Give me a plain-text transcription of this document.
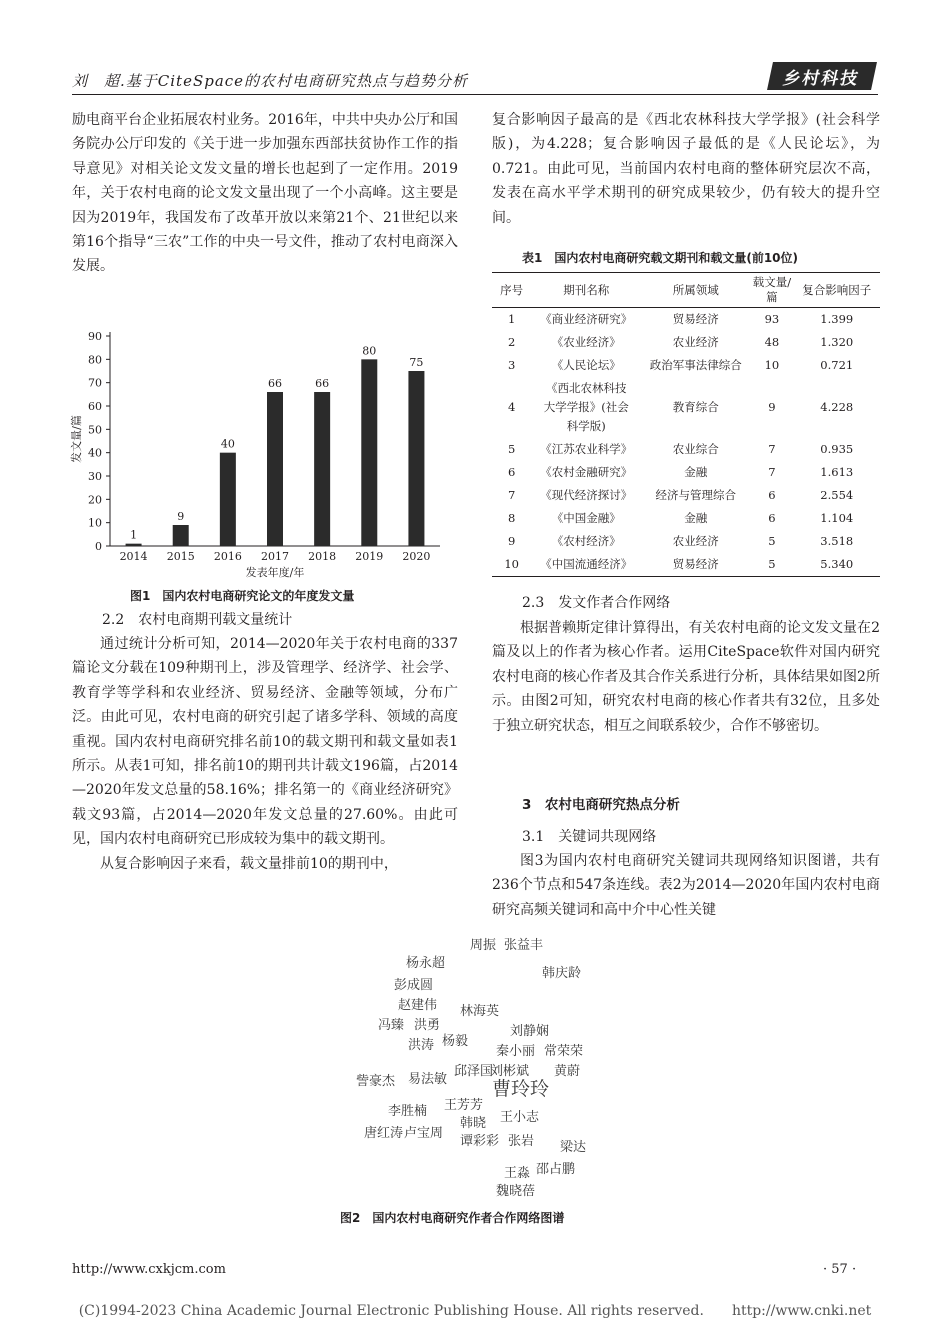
刘　超.基于CiteSpace的农村电商研究热点与趋势分析	乡村科技

励电商平台企业拓展农村业务。2016年，中共中央办公厅和国务院办公厅印发的《关于进一步加强东西部扶贫协作工作的指导意见》对相关论文发文量的增长也起到了一定作用。2019年，关于农村电商的论文发文量出现了一个小高峰。这主要是因为2019年，我国发布了改革开放以来第21个、21世纪以来第16个指导“三农”工作的中央一号文件，推动了农村电商深入发展。

0
10
20
30
40
50
60
70
80
90
1
2014
9
2015
40
2016
66
2017
66
2018
80
2019
75
2020
发表年度/年
发文量/篇
图1　国内农村电商研究论文的年度发文量
2.2　农村电商期刊载文量统计

通过统计分析可知，2014—2020年关于农村电商的337篇论文分载在109种期刊上，涉及管理学、经济学、社会学、教育学等学科和农业经济、贸易经济、金融等领域，分布广泛。由此可见，农村电商的研究引起了诸多学科、领域的高度重视。国内农村电商研究排名前10的载文期刊和载文量如表1所示。从表1可知，排名前10的期刊共计载文196篇，占2014—2020年发文总量的58.16%；排名第一的《商业经济研究》载文93篇，占2014—2020年发文总量的27.60%。由此可见，国内农村电商研究已形成较为集中的载文期刊。

从复合影响因子来看，载文量排前10的期刊中，

复合影响因子最高的是《西北农林科技大学学报》(社会科学版)，为4.228；复合影响因子最低的是《人民论坛》，为0.721。由此可见，当前国内农村电商的整体研究层次不高，发表在高水平学术期刊的研究成果较少，仍有较大的提升空间。

表1　国内农村电商研究载文期刊和载文量(前10位)
序号	期刊名称	所属领域	载文量/篇	复合影响因子
1	《商业经济研究》	贸易经济	93	1.399
2	《农业经济》	农业经济	48	1.320
3	《人民论坛》	政治军事法律综合	10	0.721
4	《西北农林科技大学学报》(社会科学版)	教育综合	9	4.228
5	《江苏农业科学》	农业综合	7	0.935
6	《农村金融研究》	金融	7	1.613
7	《现代经济探讨》	经济与管理综合	6	2.554
8	《中国金融》	金融	6	1.104
9	《农村经济》	农业经济	5	3.518
10	《中国流通经济》	贸易经济	5	5.340
2.3　发文作者合作网络

根据普赖斯定律计算得出，有关农村电商的论文发文量在2篇及以上的作者为核心作者。运用CiteSpace软件对国内研究农村电商的核心作者及其合作关系进行分析，具体结果如图2所示。由图2可知，研究农村电商的核心作者共有32位，且多处于独立研究状态，相互之间联系较少，合作不够密切。

3　农村电商研究热点分析
3.1　关键词共现网络

图3为国内农村电商研究关键词共现网络知识图谱，共有236个节点和547条连线。表2为2014—2020年国内农村电商研究高频关键词和高中介中心性关键

周振 张益丰
杨永超
韩庆龄
彭成圆
赵建伟 林海英
冯臻 洪勇	刘静娴
洪涛 杨毅
秦小丽 常荣荣
邱泽国
刘彬斌 黄蔚
易法敏
訾豪杰	曹玲玲
王芳芳
李胜楠	王小志
韩晓
唐红涛 卢宝周
谭彩彩 张岩 梁达
邵占鹏
王淼
魏晓蓓
图2　国内农村电商研究作者合作网络图谱
http://www.cxkjcm.com	· 57 ·
(C)1994-2023 China Academic Journal Electronic Publishing House. All rights reserved.　　http://www.cnki.net
